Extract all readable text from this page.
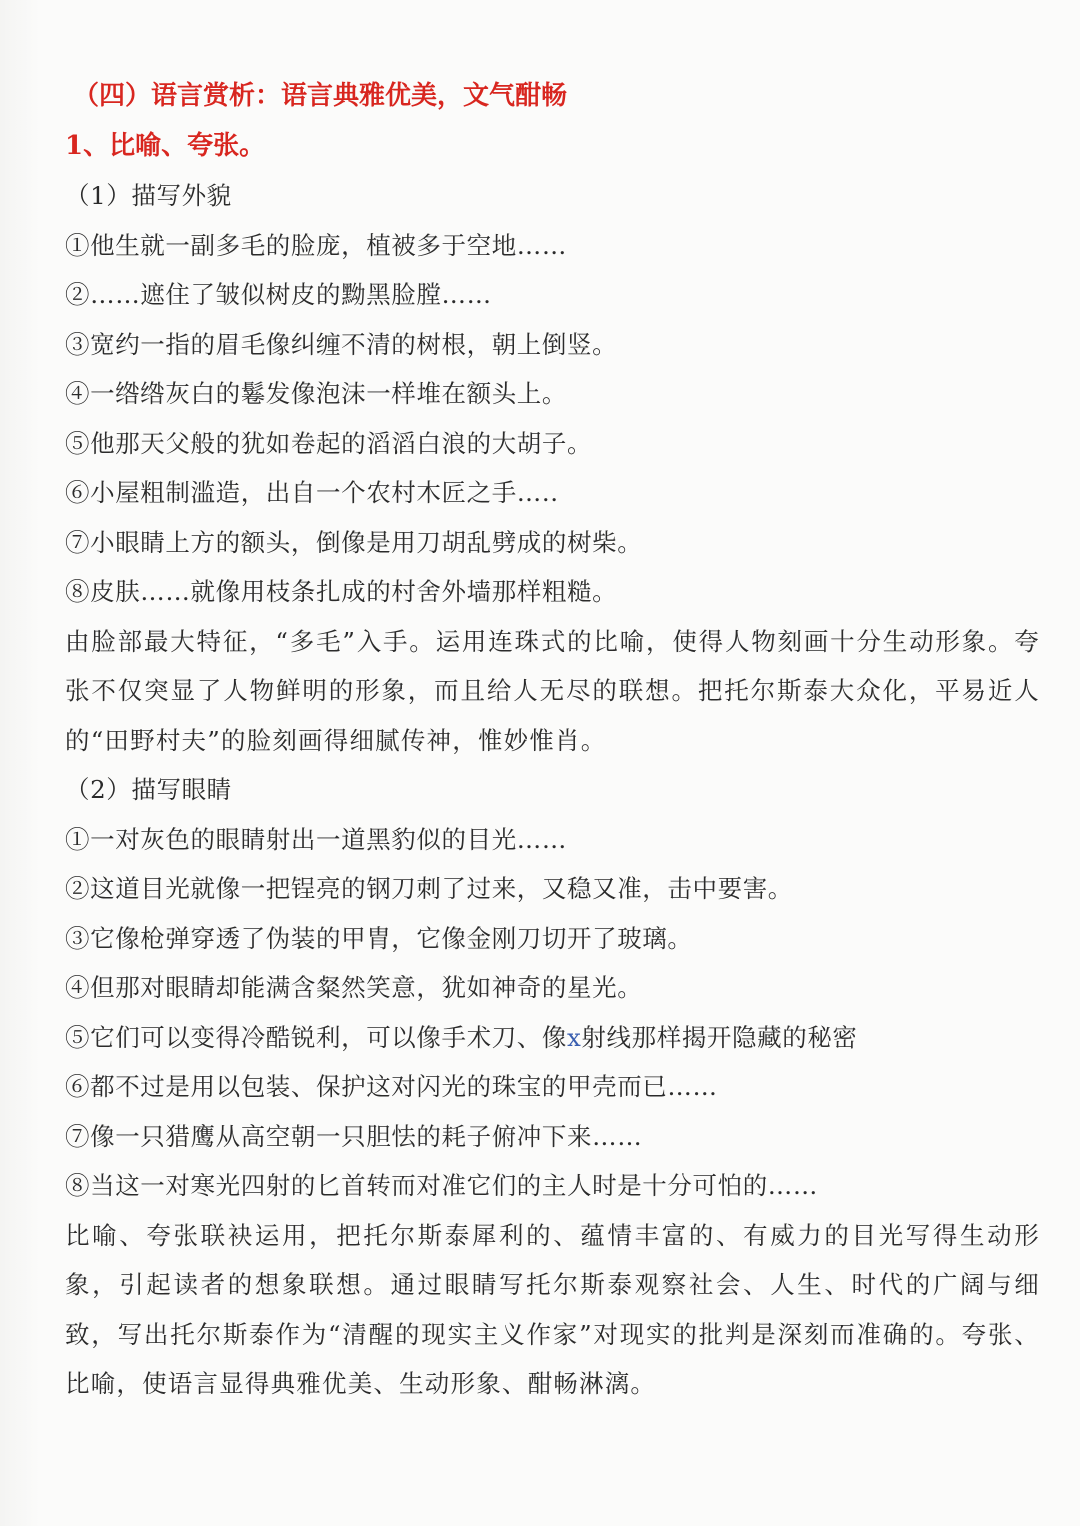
（四）语言赏析：语言典雅优美，文气酣畅
1、比喻、夸张。
（1）描写外貌
①他生就一副多毛的脸庞，植被多于空地……
②……遮住了皱似树皮的黝黑脸膛……
③宽约一指的眉毛像纠缠不清的树根，朝上倒竖。
④一绺绺灰白的鬈发像泡沫一样堆在额头上。
⑤他那天父般的犹如卷起的滔滔白浪的大胡子。
⑥小屋粗制滥造，出自一个农村木匠之手…..
⑦小眼睛上方的额头，倒像是用刀胡乱劈成的树柴。
⑧皮肤……就像用枝条扎成的村舍外墙那样粗糙。
由脸部最大特征，“多毛”入手。运用连珠式的比喻，使得人物刻画十分生动形象。夸张不仅突显了人物鲜明的形象，而且给人无尽的联想。把托尔斯泰大众化，平易近人的“田野村夫”的脸刻画得细腻传神，惟妙惟肖。
（2）描写眼睛
①一对灰色的眼睛射出一道黑豹似的目光……
②这道目光就像一把锃亮的钢刀刺了过来，又稳又准，击中要害。
③它像枪弹穿透了伪装的甲胄，它像金刚刀切开了玻璃。
④但那对眼睛却能满含粲然笑意，犹如神奇的星光。
⑤它们可以变得冷酷锐利，可以像手术刀、像x射线那样揭开隐藏的秘密
⑥都不过是用以包装、保护这对闪光的珠宝的甲壳而已……
⑦像一只猎鹰从高空朝一只胆怯的耗子俯冲下来……
⑧当这一对寒光四射的匕首转而对准它们的主人时是十分可怕的……
比喻、夸张联袂运用，把托尔斯泰犀利的、蕴情丰富的、有威力的目光写得生动形象，引起读者的想象联想。通过眼睛写托尔斯泰观察社会、人生、时代的广阔与细致，写出托尔斯泰作为“清醒的现实主义作家”对现实的批判是深刻而准确的。夸张、比喻，使语言显得典雅优美、生动形象、酣畅淋漓。
